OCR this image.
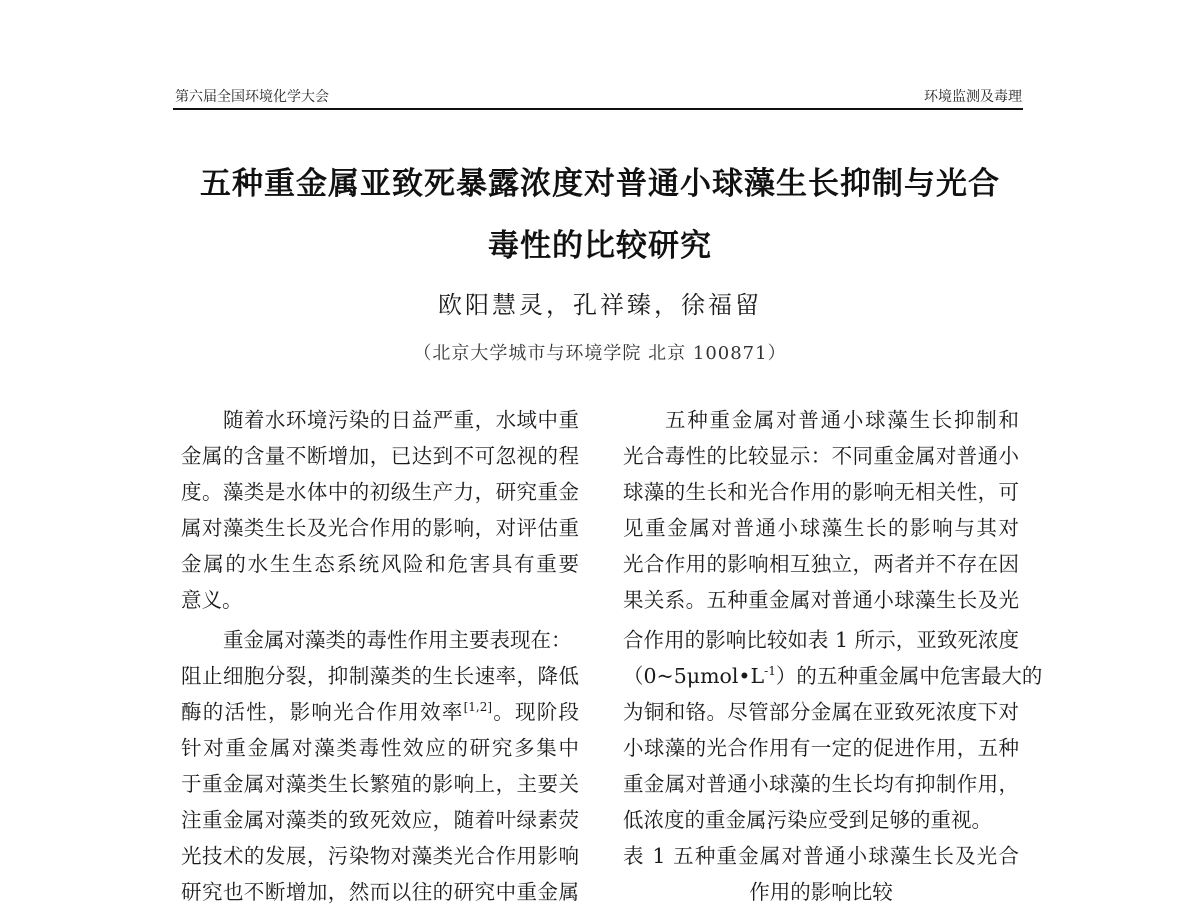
第六届全国环境化学大会	环境监测及毒理
五种重金属亚致死暴露浓度对普通小球藻生长抑制与光合
毒性的比较研究
欧阳慧灵，孔祥臻，徐福留
（北京大学城市与环境学院 北京 100871）
随着水环境污染的日益严重，水域中重
金属的含量不断增加，已达到不可忽视的程
度。藻类是水体中的初级生产力，研究重金
属对藻类生长及光合作用的影响，对评估重
金属的水生生态系统风险和危害具有重要
意义。
重金属对藻类的毒性作用主要表现在：
阻止细胞分裂，抑制藻类的生长速率，降低
酶的活性，影响光合作用效率[1,2]。现阶段
针对重金属对藻类毒性效应的研究多集中
于重金属对藻类生长繁殖的影响上，主要关
注重金属对藻类的致死效应，随着叶绿素荧
光技术的发展，污染物对藻类光合作用影响
研究也不断增加，然而以往的研究中重金属
五种重金属对普通小球藻生长抑制和
光合毒性的比较显示：不同重金属对普通小
球藻的生长和光合作用的影响无相关性，可
见重金属对普通小球藻生长的影响与其对
光合作用的影响相互独立，两者并不存在因
果关系。五种重金属对普通小球藻生长及光
合作用的影响比较如表 1 所示，亚致死浓度
$(0\sim 5\mu mol•L^{-1})$的五种重金属中危害最大的
为铜和铬。尽管部分金属在亚致死浓度下对
小球藻的光合作用有一定的促进作用，五种
重金属对普通小球藻的生长均有抑制作用，
低浓度的重金属污染应受到足够的重视。
表 1 五种重金属对普通小球藻生长及光合
作用的影响比较
